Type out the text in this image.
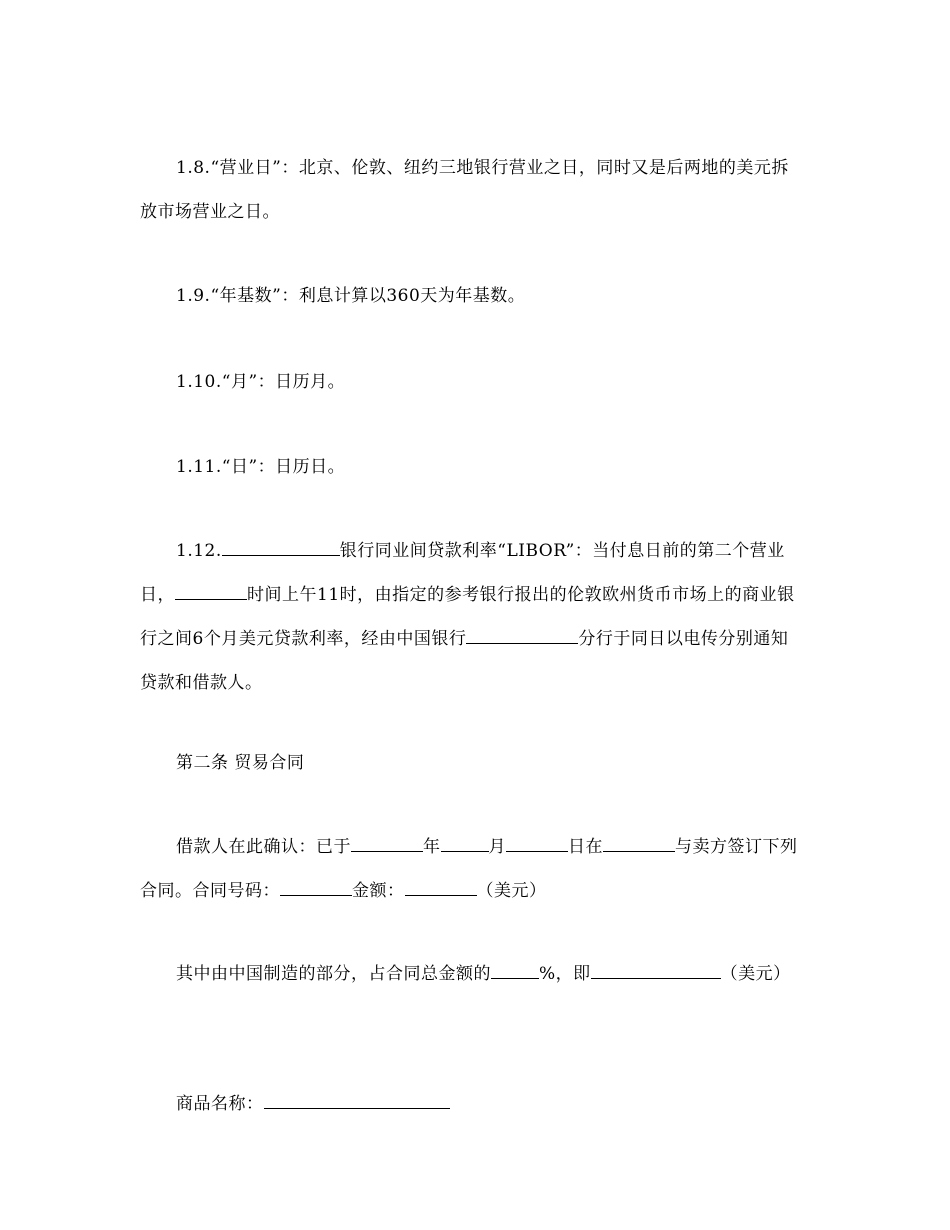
1.8.“营业日”：北京、伦敦、纽约三地银行营业之日，同时又是后两地的美元拆放市场营业之日。

1.9.“年基数”：利息计算以360天为年基数。

1.10.“月”：日历月。

1.11.“日”：日历日。

1.12.	银行同业间贷款利率“LIBOR”：当付息日前的第二个营业日，	时间上午11时，由指定的参考银行报出的伦敦欧州货币市场上的商业银行之间6个月美元贷款利率，经由中国银行	分行于同日以电传分别通知贷款和借款人。

第二条 贸易合同

借款人在此确认：已于	年	月	日在	与卖方签订下列合同。合同号码：	金额：	（美元）

其中由中国制造的部分，占合同总金额的	%，即	（美元）

商品名称：
